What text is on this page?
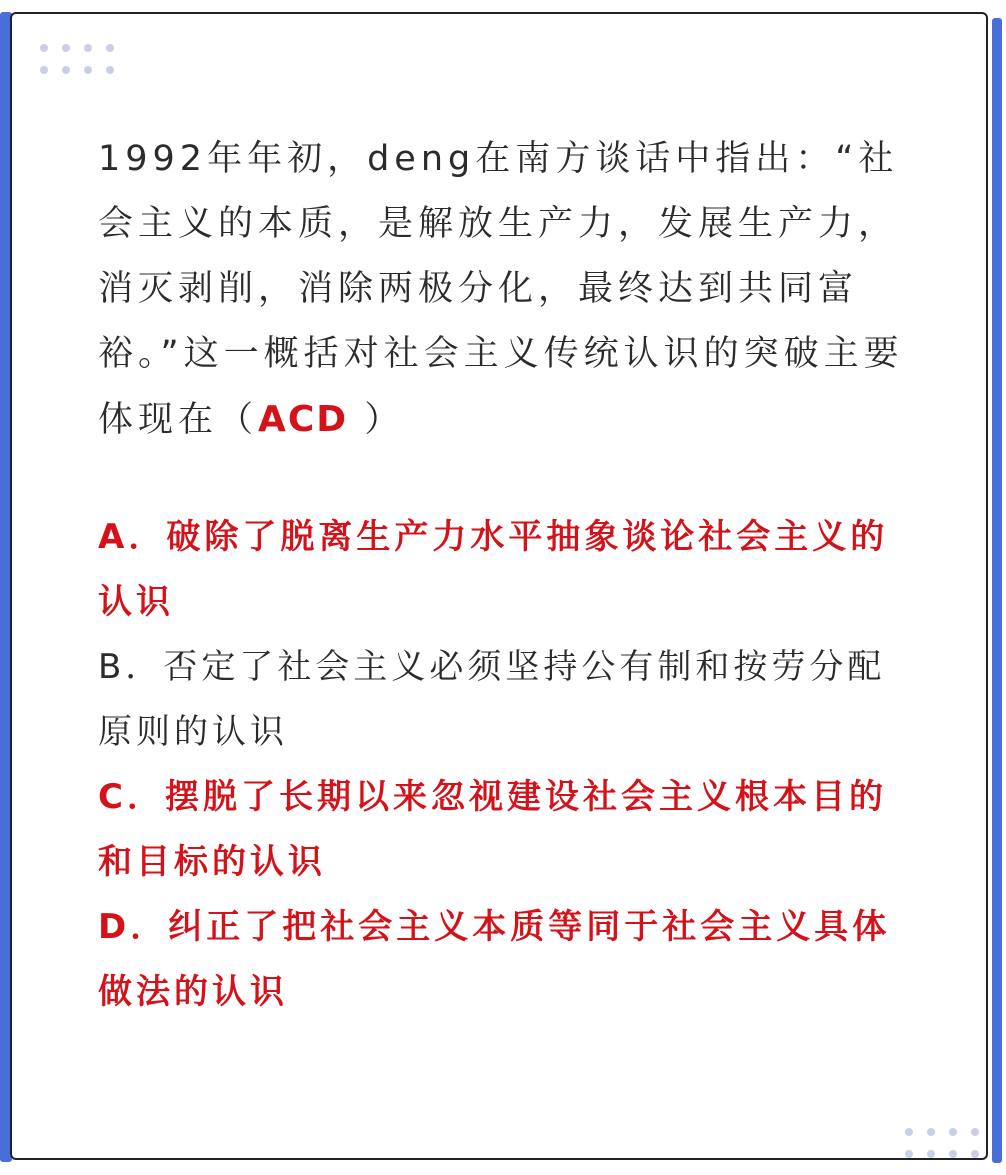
1992年年初，deng在南方谈话中指出：“社会主义的本质，是解放生产力，发展生产力，消灭剥削，消除两极分化，最终达到共同富裕。”这一概括对社会主义传统认识的突破主要体现在（ACD ）

A．破除了脱离生产力水平抽象谈论社会主义的认识

B．否定了社会主义必须坚持公有制和按劳分配原则的认识

C．摆脱了长期以来忽视建设社会主义根本目的和目标的认识

D．纠正了把社会主义本质等同于社会主义具体做法的认识
